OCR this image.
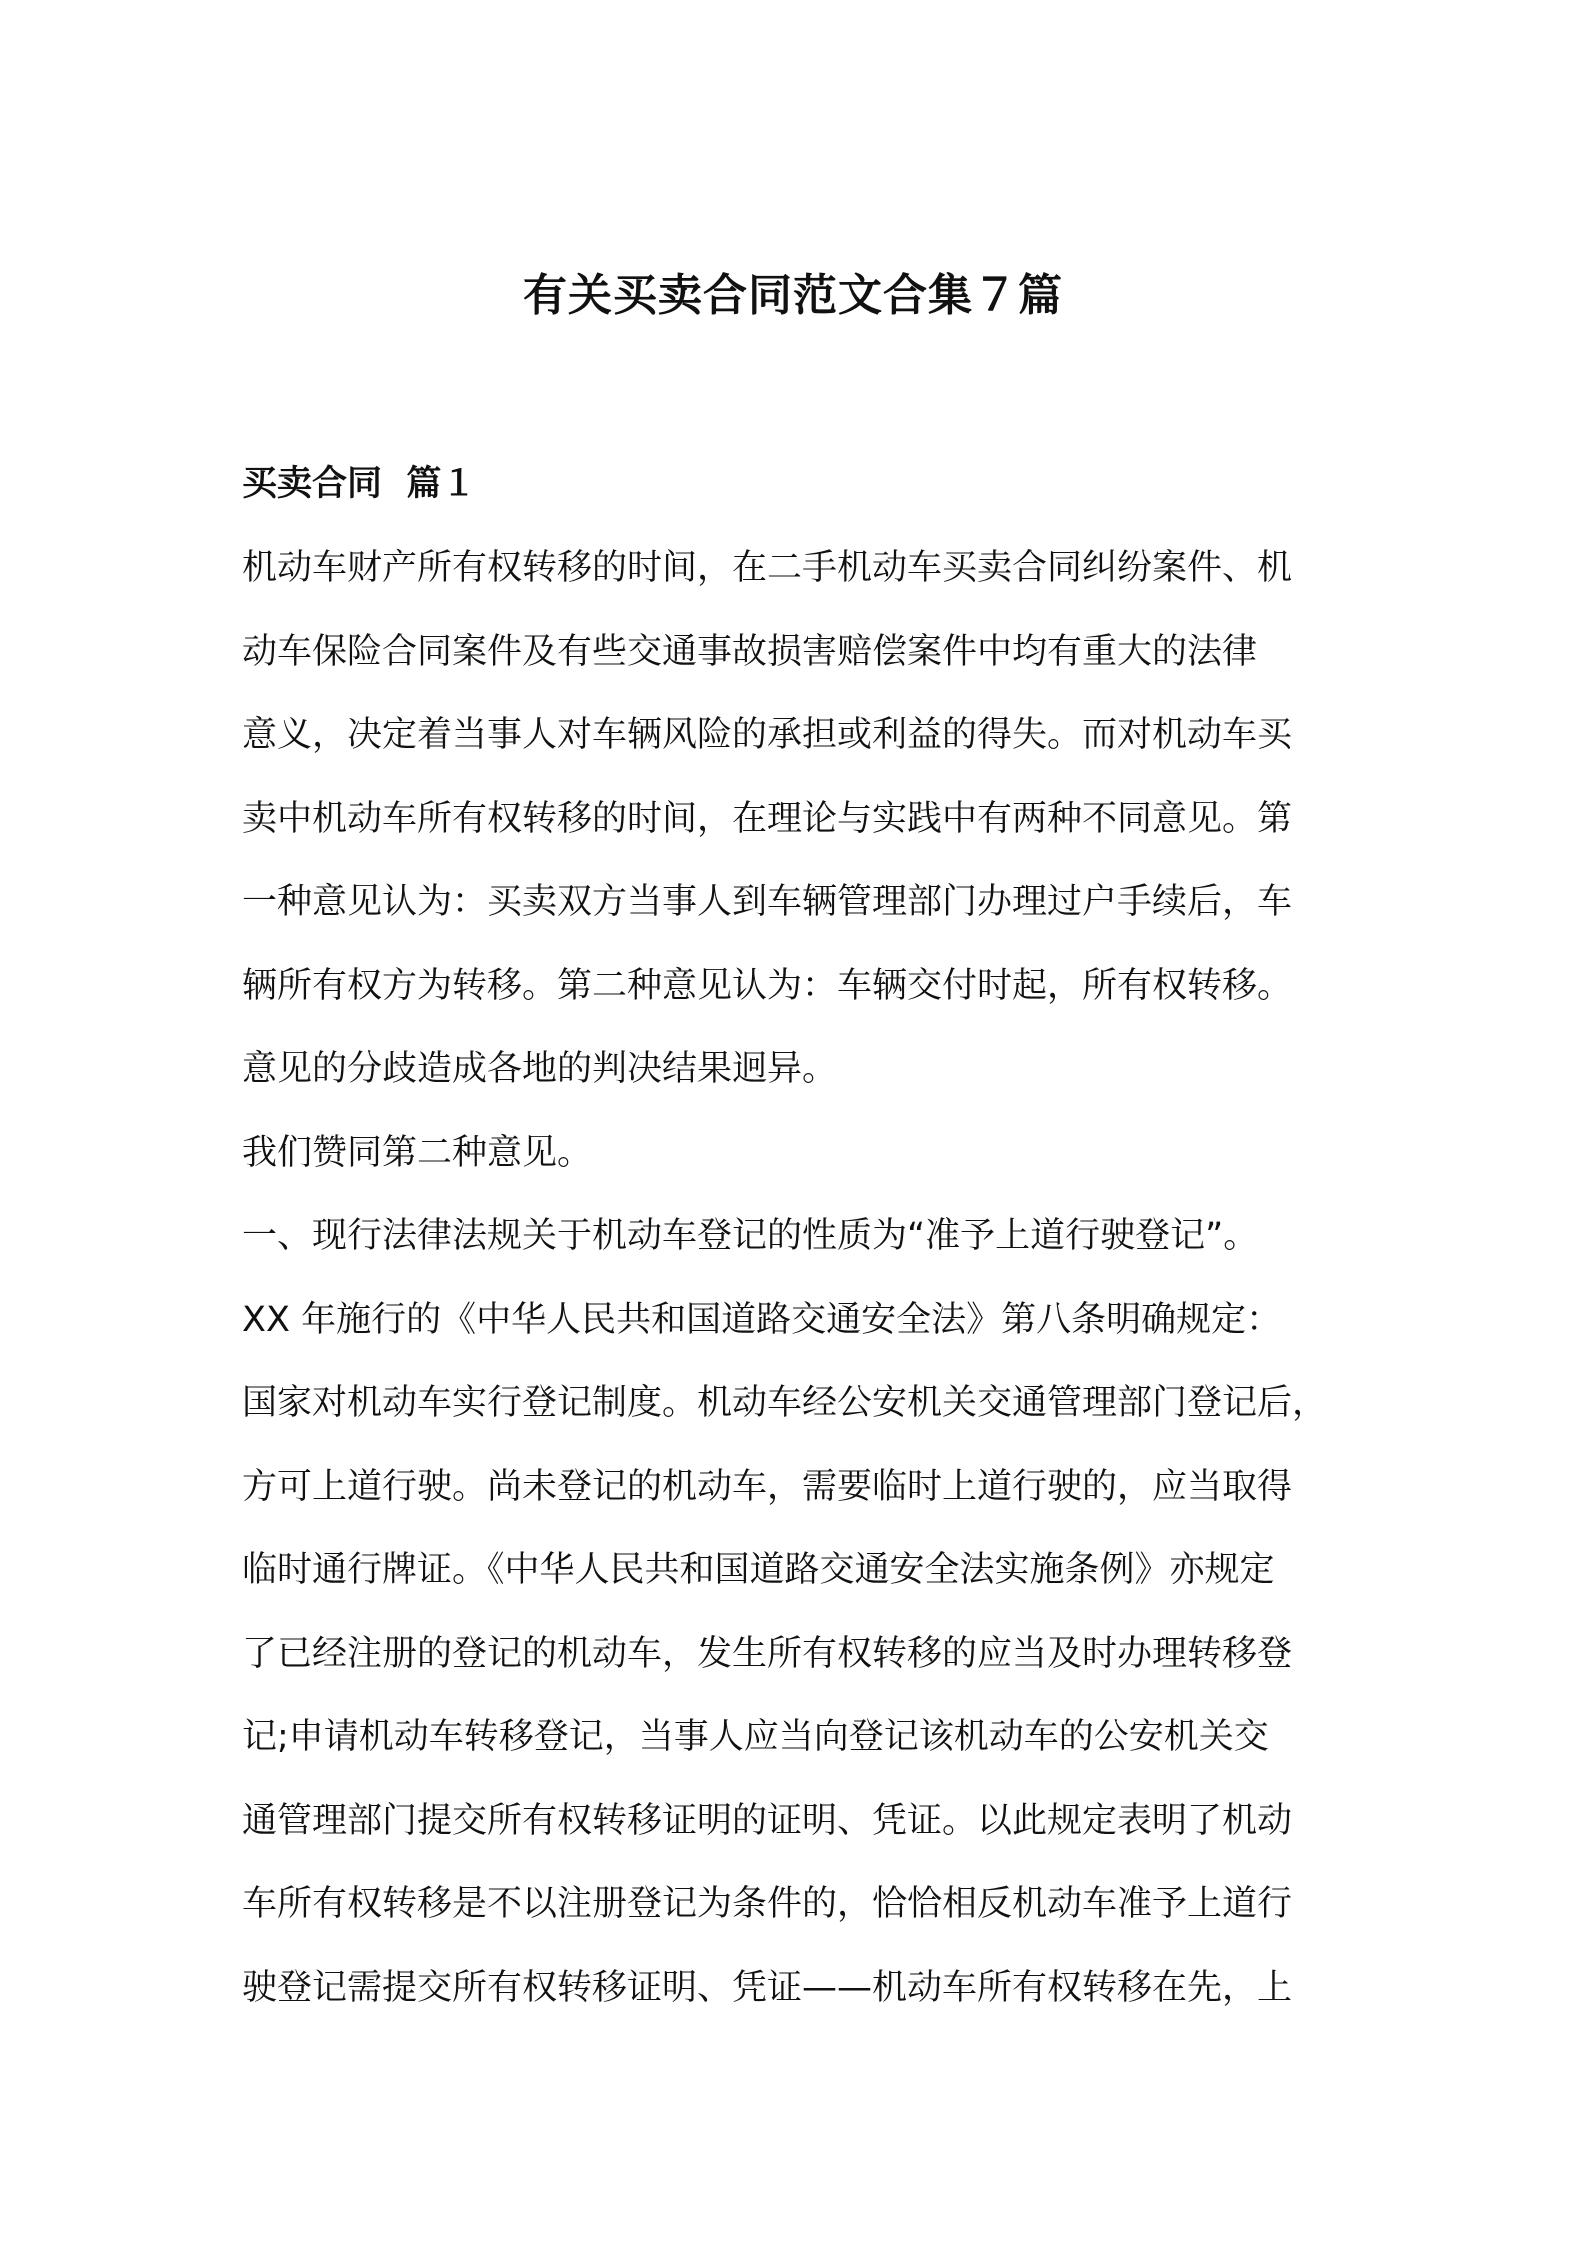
有关买卖合同范文合集７篇
买卖合同  篇１

机动车财产所有权转移的时间，在二手机动车买卖合同纠纷案件、机

动车保险合同案件及有些交通事故损害赔偿案件中均有重大的法律

意义，决定着当事人对车辆风险的承担或利益的得失。而对机动车买

卖中机动车所有权转移的时间，在理论与实践中有两种不同意见。第

一种意见认为：买卖双方当事人到车辆管理部门办理过户手续后，车

辆所有权方为转移。第二种意见认为：车辆交付时起，所有权转移。

意见的分歧造成各地的判决结果迥异。

我们赞同第二种意见。

一、现行法律法规关于机动车登记的性质为“准予上道行驶登记”。

XX 年施行的《中华人民共和国道路交通安全法》第八条明确规定：

国家对机动车实行登记制度。机动车经公安机关交通管理部门登记后，

方可上道行驶。尚未登记的机动车，需要临时上道行驶的，应当取得

临时通行牌证。《中华人民共和国道路交通安全法实施条例》亦规定

了已经注册的登记的机动车，发生所有权转移的应当及时办理转移登

记;申请机动车转移登记，当事人应当向登记该机动车的公安机关交

通管理部门提交所有权转移证明的证明、凭证。以此规定表明了机动

车所有权转移是不以注册登记为条件的，恰恰相反机动车准予上道行

驶登记需提交所有权转移证明、凭证——机动车所有权转移在先，上
